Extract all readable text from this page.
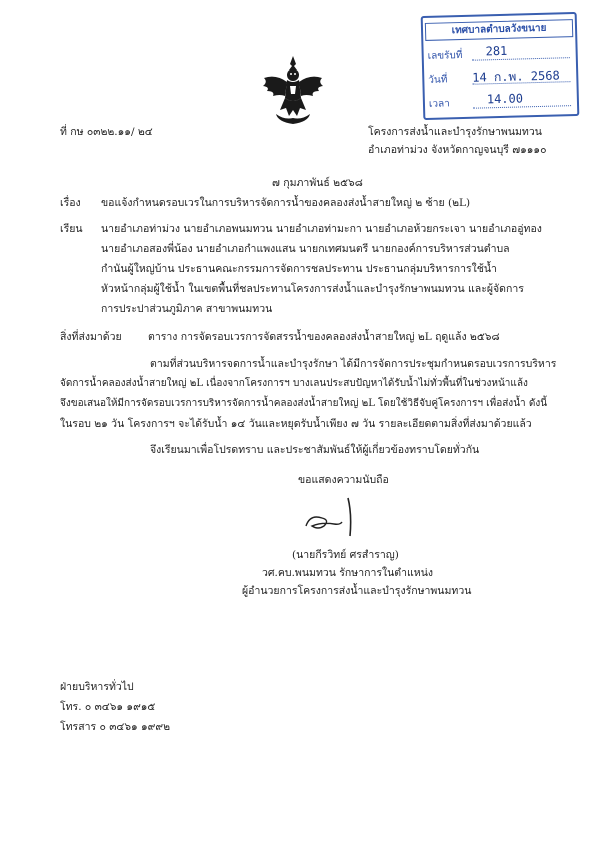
เทศบาลตำบลวังขนาย
เลขรับที่ 281
วันที่ 14 ก.พ. 2568
เวลา	14.00
ที่ กษ ๐๓๒๒.๑๑/ ๒๔	โครงการส่งน้ำและบำรุงรักษาพนมทวน
อำเภอท่าม่วง จังหวัดกาญจนบุรี ๗๑๑๑๐
๗ กุมภาพันธ์ ๒๕๖๘
เรื่อง ขอแจ้งกำหนดรอบเวรในการบริหารจัดการน้ำของคลองส่งน้ำสายใหญ่ ๒ ซ้าย (๒L)
เรียน นายอำเภอท่าม่วง นายอำเภอพนมทวน นายอำเภอท่ามะกา นายอำเภอห้วยกระเจา นายอำเภออู่ทอง
นายอำเภอสองพี่น้อง นายอำเภอกำแพงแสน นายกเทศมนตรี นายกองค์การบริหารส่วนตำบล
กำนันผู้ใหญ่บ้าน ประธานคณะกรรมการจัดการชลประทาน ประธานกลุ่มบริหารการใช้น้ำ
หัวหน้ากลุ่มผู้ใช้น้ำ ในเขตพื้นที่ชลประทานโครงการส่งน้ำและบำรุงรักษาพนมทวน และผู้จัดการ
การประปาส่วนภูมิภาค สาขาพนมทวน
สิ่งที่ส่งมาด้วย	ตาราง การจัดรอบเวรการจัดสรรน้ำของคลองส่งน้ำสายใหญ่ ๒L ฤดูแล้ง ๒๕๖๘
ตามที่ส่วนบริหารจดการน้ำและบำรุงรักษา ได้มีการจัดการประชุมกำหนดรอบเวรการบริหาร
จัดการน้ำคลองส่งน้ำสายใหญ่ ๒L เนื่องจากโครงการฯ บางเลนประสบปัญหาได้รับน้ำไม่ทั่วพื้นที่ในช่วงหน้าแล้ง
จึงขอเสนอให้มีการจัดรอบเวรการบริหารจัดการน้ำคลองส่งน้ำสายใหญ่ ๒L โดยใช้วิธีจับคู่โครงการฯ เพื่อส่งน้ำ ดังนี้
ในรอบ ๒๑ วัน โครงการฯ จะได้รับน้ำ ๑๔ วันและหยุดรับน้ำเพียง ๗ วัน รายละเอียดตามสิ่งที่ส่งมาด้วยแล้ว
จึงเรียนมาเพื่อโปรดทราบ และประชาสัมพันธ์ให้ผู้เกี่ยวข้องทราบโดยทั่วกัน
ขอแสดงความนับถือ
(นายกีรวิทย์ ศรสำราญ)
วศ.คบ.พนมทวน รักษาการในตำแหน่ง
ผู้อำนวยการโครงการส่งน้ำและบำรุงรักษาพนมทวน
ฝ่ายบริหารทั่วไป
โทร. ๐ ๓๔๖๑ ๑๙๑๕
โทรสาร ๐ ๓๔๖๑ ๑๙๙๒
